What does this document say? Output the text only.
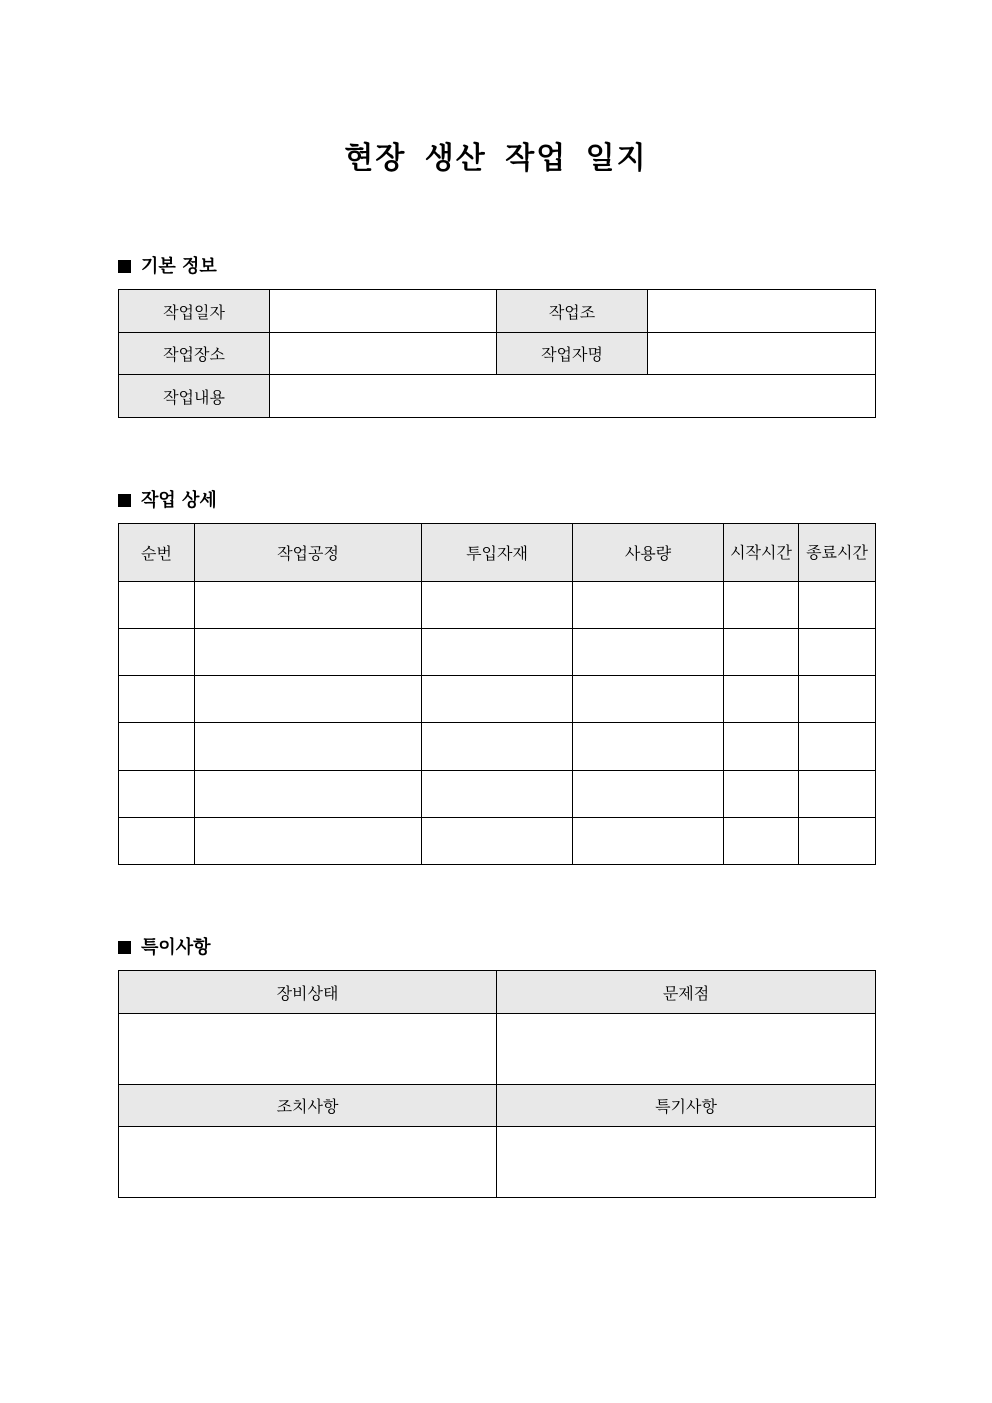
현장 생산 작업 일지
기본 정보
작업일자		작업조	
작업장소		작업자명	
작업내용			
작업 상세
순번	작업공정	투입자재	사용량	시작시간	종료시간

특이사항
장비상태	문제점

조치사항	특기사항
